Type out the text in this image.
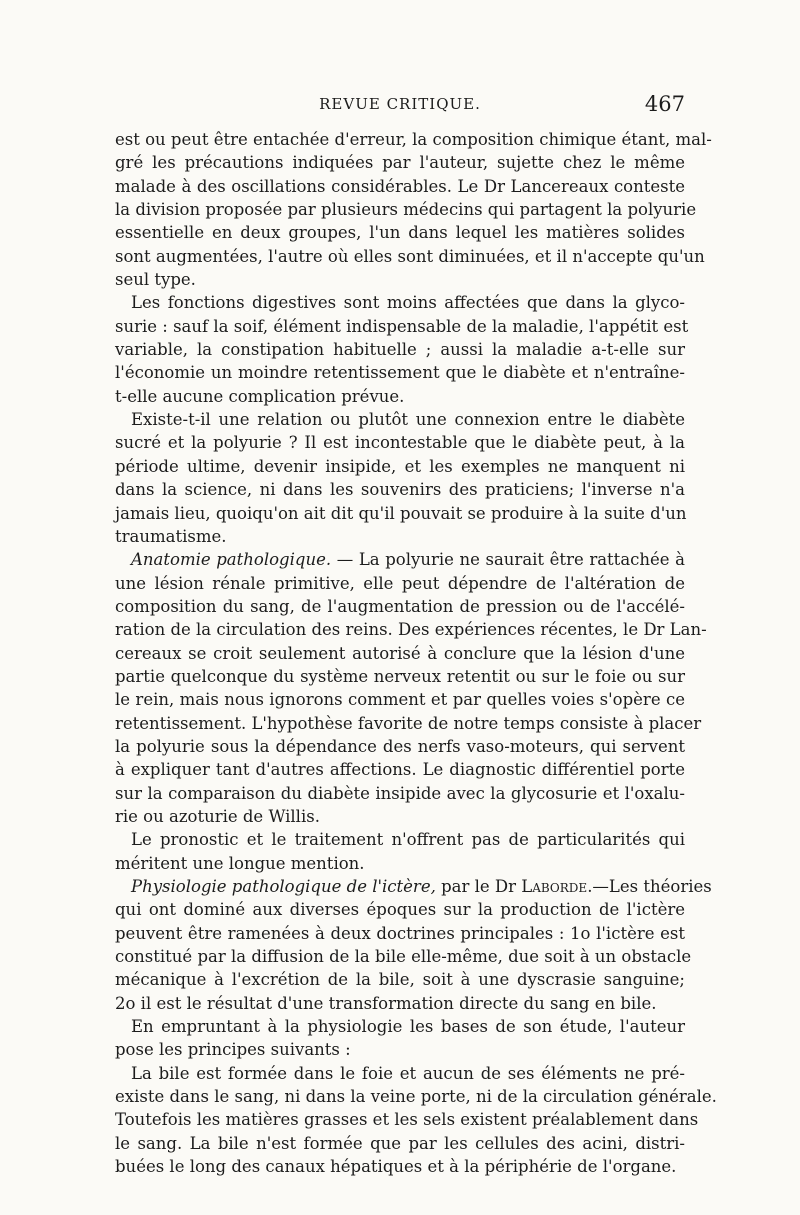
REVUE CRITIQUE.	467
est ou peut être entachée d'erreur, la composition chimique étant, mal-
gré les précautions indiquées par l'auteur, sujette chez le même
malade à des oscillations considérables. Le Dr Lancereaux conteste
la division proposée par plusieurs médecins qui partagent la polyurie
essentielle en deux groupes, l'un dans lequel les matières solides
sont augmentées, l'autre où elles sont diminuées, et il n'accepte qu'un
seul type.
Les fonctions digestives sont moins affectées que dans la glyco-
surie : sauf la soif, élément indispensable de la maladie, l'appétit est
variable, la constipation habituelle ; aussi la maladie a-t-elle sur
l'économie un moindre retentissement que le diabète et n'entraîne-
t-elle aucune complication prévue.
Existe-t-il une relation ou plutôt une connexion entre le diabète
sucré et la polyurie ? Il est incontestable que le diabète peut, à la
période ultime, devenir insipide, et les exemples ne manquent ni
dans la science, ni dans les souvenirs des praticiens; l'inverse n'a
jamais lieu, quoiqu'on ait dit qu'il pouvait se produire à la suite d'un
traumatisme.
Anatomie pathologique. — La polyurie ne saurait être rattachée à
une lésion rénale primitive, elle peut dépendre de l'altération de
composition du sang, de l'augmentation de pression ou de l'accélé-
ration de la circulation des reins. Des expériences récentes, le Dr Lan-
cereaux se croit seulement autorisé à conclure que la lésion d'une
partie quelconque du système nerveux retentit ou sur le foie ou sur
le rein, mais nous ignorons comment et par quelles voies s'opère ce
retentissement. L'hypothèse favorite de notre temps consiste à placer
la polyurie sous la dépendance des nerfs vaso-moteurs, qui servent
à expliquer tant d'autres affections. Le diagnostic différentiel porte
sur la comparaison du diabète insipide avec la glycosurie et l'oxalu-
rie ou azoturie de Willis.
Le pronostic et le traitement n'offrent pas de particularités qui
méritent une longue mention.
Physiologie pathologique de l'ictère, par le Dr Laborde.—Les théories
qui ont dominé aux diverses époques sur la production de l'ictère
peuvent être ramenées à deux doctrines principales : 1o l'ictère est
constitué par la diffusion de la bile elle-même, due soit à un obstacle
mécanique à l'excrétion de la bile, soit à une dyscrasie sanguine;
2o il est le résultat d'une transformation directe du sang en bile.
En empruntant à la physiologie les bases de son étude, l'auteur
pose les principes suivants :
La bile est formée dans le foie et aucun de ses éléments ne pré-
existe dans le sang, ni dans la veine porte, ni de la circulation générale.
Toutefois les matières grasses et les sels existent préalablement dans
le sang. La bile n'est formée que par les cellules des acini, distri-
buées le long des canaux hépatiques et à la périphérie de l'organe.
